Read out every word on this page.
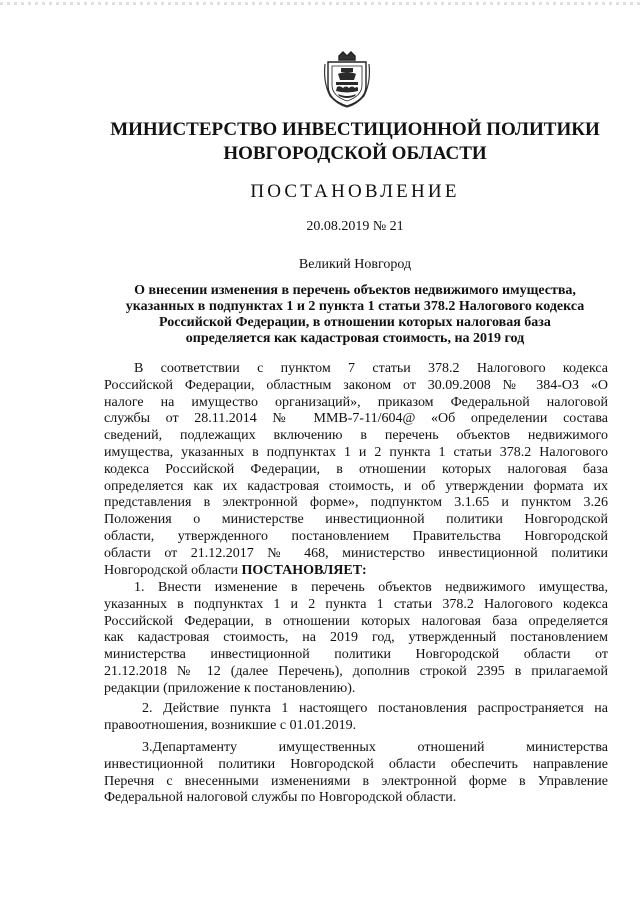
МИНИСТЕРСТВО ИНВЕСТИЦИОННОЙ ПОЛИТИКИ
НОВГОРОДСКОЙ ОБЛАСТИ
ПОСТАНОВЛЕНИЕ
20.08.2019 № 21
Великий Новгород
О внесении изменения в перечень объектов недвижимого имущества,
указанных в подпунктах 1 и 2 пункта 1 статьи 378.2 Налогового кодекса
Российской Федерации, в отношении которых налоговая база
определяется как кадастровая стоимость, на 2019 год
В соответствии с пунктом 7 статьи 378.2 Налогового кодекса
Российской Федерации, областным законом от 30.09.2008 № 384-ОЗ «О
налоге на имущество организаций», приказом Федеральной налоговой
службы от 28.11.2014 № ММВ-7-11/604@ «Об определении состава
сведений, подлежащих включению в перечень объектов недвижимого
имущества, указанных в подпунктах 1 и 2 пункта 1 статьи 378.2 Налогового
кодекса Российской Федерации, в отношении которых налоговая база
определяется как их кадастровая стоимость, и об утверждении формата их
представления в электронной форме», подпунктом 3.1.65 и пунктом 3.26
Положения о министерстве инвестиционной политики Новгородской
области, утвержденного постановлением Правительства Новгородской
области от 21.12.2017 № 468, министерство инвестиционной политики
Новгородской области ПОСТАНОВЛЯЕТ:
1. Внести изменение в перечень объектов недвижимого имущества,
указанных в подпунктах 1 и 2 пункта 1 статьи 378.2 Налогового кодекса
Российской Федерации, в отношении которых налоговая база определяется
как кадастровая стоимость, на 2019 год, утвержденный постановлением
министерства инвестиционной политики Новгородской области от
21.12.2018 № 12 (далее Перечень), дополнив строкой 2395 в прилагаемой
редакции (приложение к постановлению).
2. Действие пункта 1 настоящего постановления распространяется на
правоотношения, возникшие с 01.01.2019.
3.Департаменту имущественных отношений министерства
инвестиционной политики Новгородской области обеспечить направление
Перечня с внесенными изменениями в электронной форме в Управление
Федеральной налоговой службы по Новгородской области.
